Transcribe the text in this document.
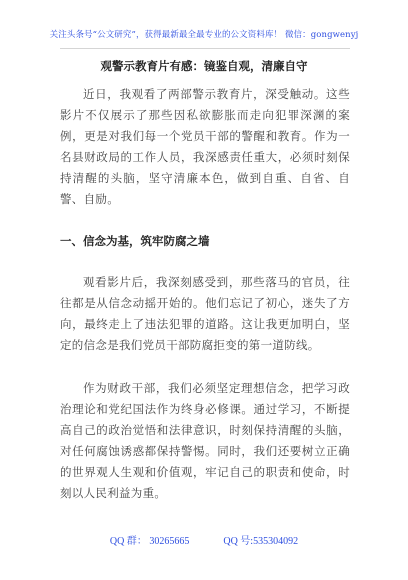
关注头条号“公文研究”，获得最新最全最专业的公文资料库！ 微信：gongwenyj
观警示教育片有感：镜鉴自观，清廉自守

近日，我观看了两部警示教育片，深受触动。这些影片不仅展示了那些因私欲膨胀而走向犯罪深渊的案例，更是对我们每一个党员干部的警醒和教育。作为一名县财政局的工作人员，我深感责任重大，必须时刻保持清醒的头脑，坚守清廉本色，做到自重、自省、自警、自励。

一、信念为基，筑牢防腐之墙

观看影片后，我深刻感受到，那些落马的官员，往往都是从信念动摇开始的。他们忘记了初心，迷失了方向，最终走上了违法犯罪的道路。这让我更加明白，坚定的信念是我们党员干部防腐拒变的第一道防线。

作为财政干部，我们必须坚定理想信念，把学习政治理论和党纪国法作为终身必修课。通过学习，不断提高自己的政治觉悟和法律意识，时刻保持清醒的头脑，对任何腐蚀诱惑都保持警惕。同时，我们还要树立正确的世界观人生观和价值观，牢记自己的职责和使命，时刻以人民利益为重。

QQ 群： 30265665	QQ 号:535304092
